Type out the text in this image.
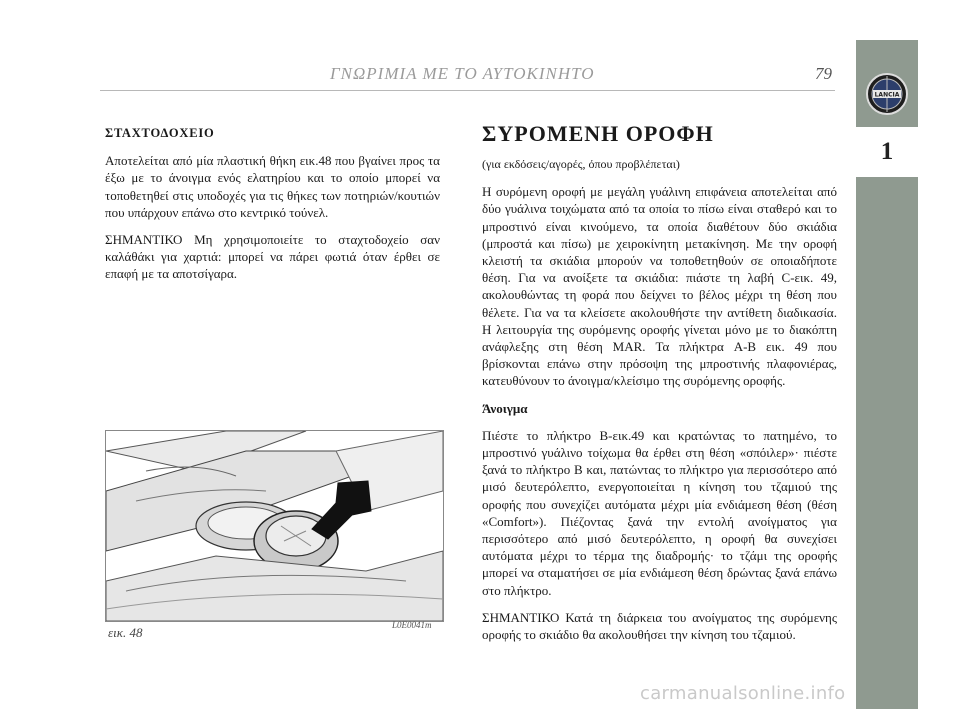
ΓΝΩΡΙΜΙΑ ΜΕ ΤΟ ΑΥΤΟΚΙΝΗΤΟ	79
LANCIA
1

ΣΤΑΧΤΟΔΟΧΕΙΟ

Αποτελείται από μία πλαστική θήκη εικ.48 που βγαίνει προς τα έξω με το άνοιγμα ενός ελατηρίου και το οποίο μπορεί να τοποθετηθεί στις υποδοχές για τις θήκες των ποτηριών/κουτιών που υπάρχουν επάνω στο κεντρικό τούνελ.

ΣΗΜΑΝΤΙΚΟ Μη χρησιμοποιείτε το σταχτοδοχείο σαν καλάθάκι για χαρτιά: μπορεί να πάρει φωτιά όταν έρθει σε επαφή με τα αποτσίγαρα.

εικ. 48	L0E0041m

ΣΥΡΟΜΕΝΗ ΟΡΟΦΗ

(για εκδόσεις/αγορές, όπου προβλέπεται)

Η συρόμενη οροφή με μεγάλη γυάλινη επιφάνεια αποτελείται από δύο γυάλινα τοιχώματα από τα οποία το πίσω είναι σταθερό και το μπροστινό είναι κινούμενο, τα οποία διαθέτουν δύο σκιάδια (μπροστά και πίσω) με χειροκίνητη μετακίνηση. Με την οροφή κλειστή τα σκιάδια μπορούν να τοποθετηθούν σε οποιαδήποτε θέση. Για να ανοίξετε τα σκιάδια: πιάστε τη λαβή C-εικ. 49, ακολουθώντας τη φορά που δείχνει το βέλος μέχρι τη θέση που θέλετε. Για να τα κλείσετε ακολουθήστε την αντίθετη διαδικασία. Η λειτουργία της συρόμενης οροφής γίνεται μόνο με το διακόπτη ανάφλεξης στη θέση MAR. Τα πλήκτρα A-B εικ. 49 που βρίσκονται επάνω στην πρόσοψη της μπροστινής πλαφονιέρας, κατευθύνουν το άνοιγμα/κλείσιμο της συρόμενης οροφής.

Άνοιγμα

Πιέστε το πλήκτρο B-εικ.49 και κρατώντας το πατημένο, το μπροστινό γυάλινο τοίχωμα θα έρθει στη θέση «σπόιλερ»· πιέστε ξανά το πλήκτρο B και, πατώντας το πλήκτρο για περισσότερο από μισό δευτερόλεπτο, ενεργοποιείται η κίνηση του τζαμιού της οροφής που συνεχίζει αυτόματα μέχρι μία ενδιάμεση θέση (θέση «Comfort»). Πιέζοντας ξανά την εντολή ανοίγματος για περισσότερο από μισό δευτερόλεπτο, η οροφή θα συνεχίσει αυτόματα μέχρι το τέρμα της διαδρομής· το τζάμι της οροφής μπορεί να σταματήσει σε μία ενδιάμεση θέση δρώντας ξανά επάνω στο πλήκτρο.

ΣΗΜΑΝΤΙΚΟ Κατά τη διάρκεια του ανοίγματος της συρόμενης οροφής το σκιάδιο θα ακολουθήσει την κίνηση του τζαμιού.

carmanualsonline.info
